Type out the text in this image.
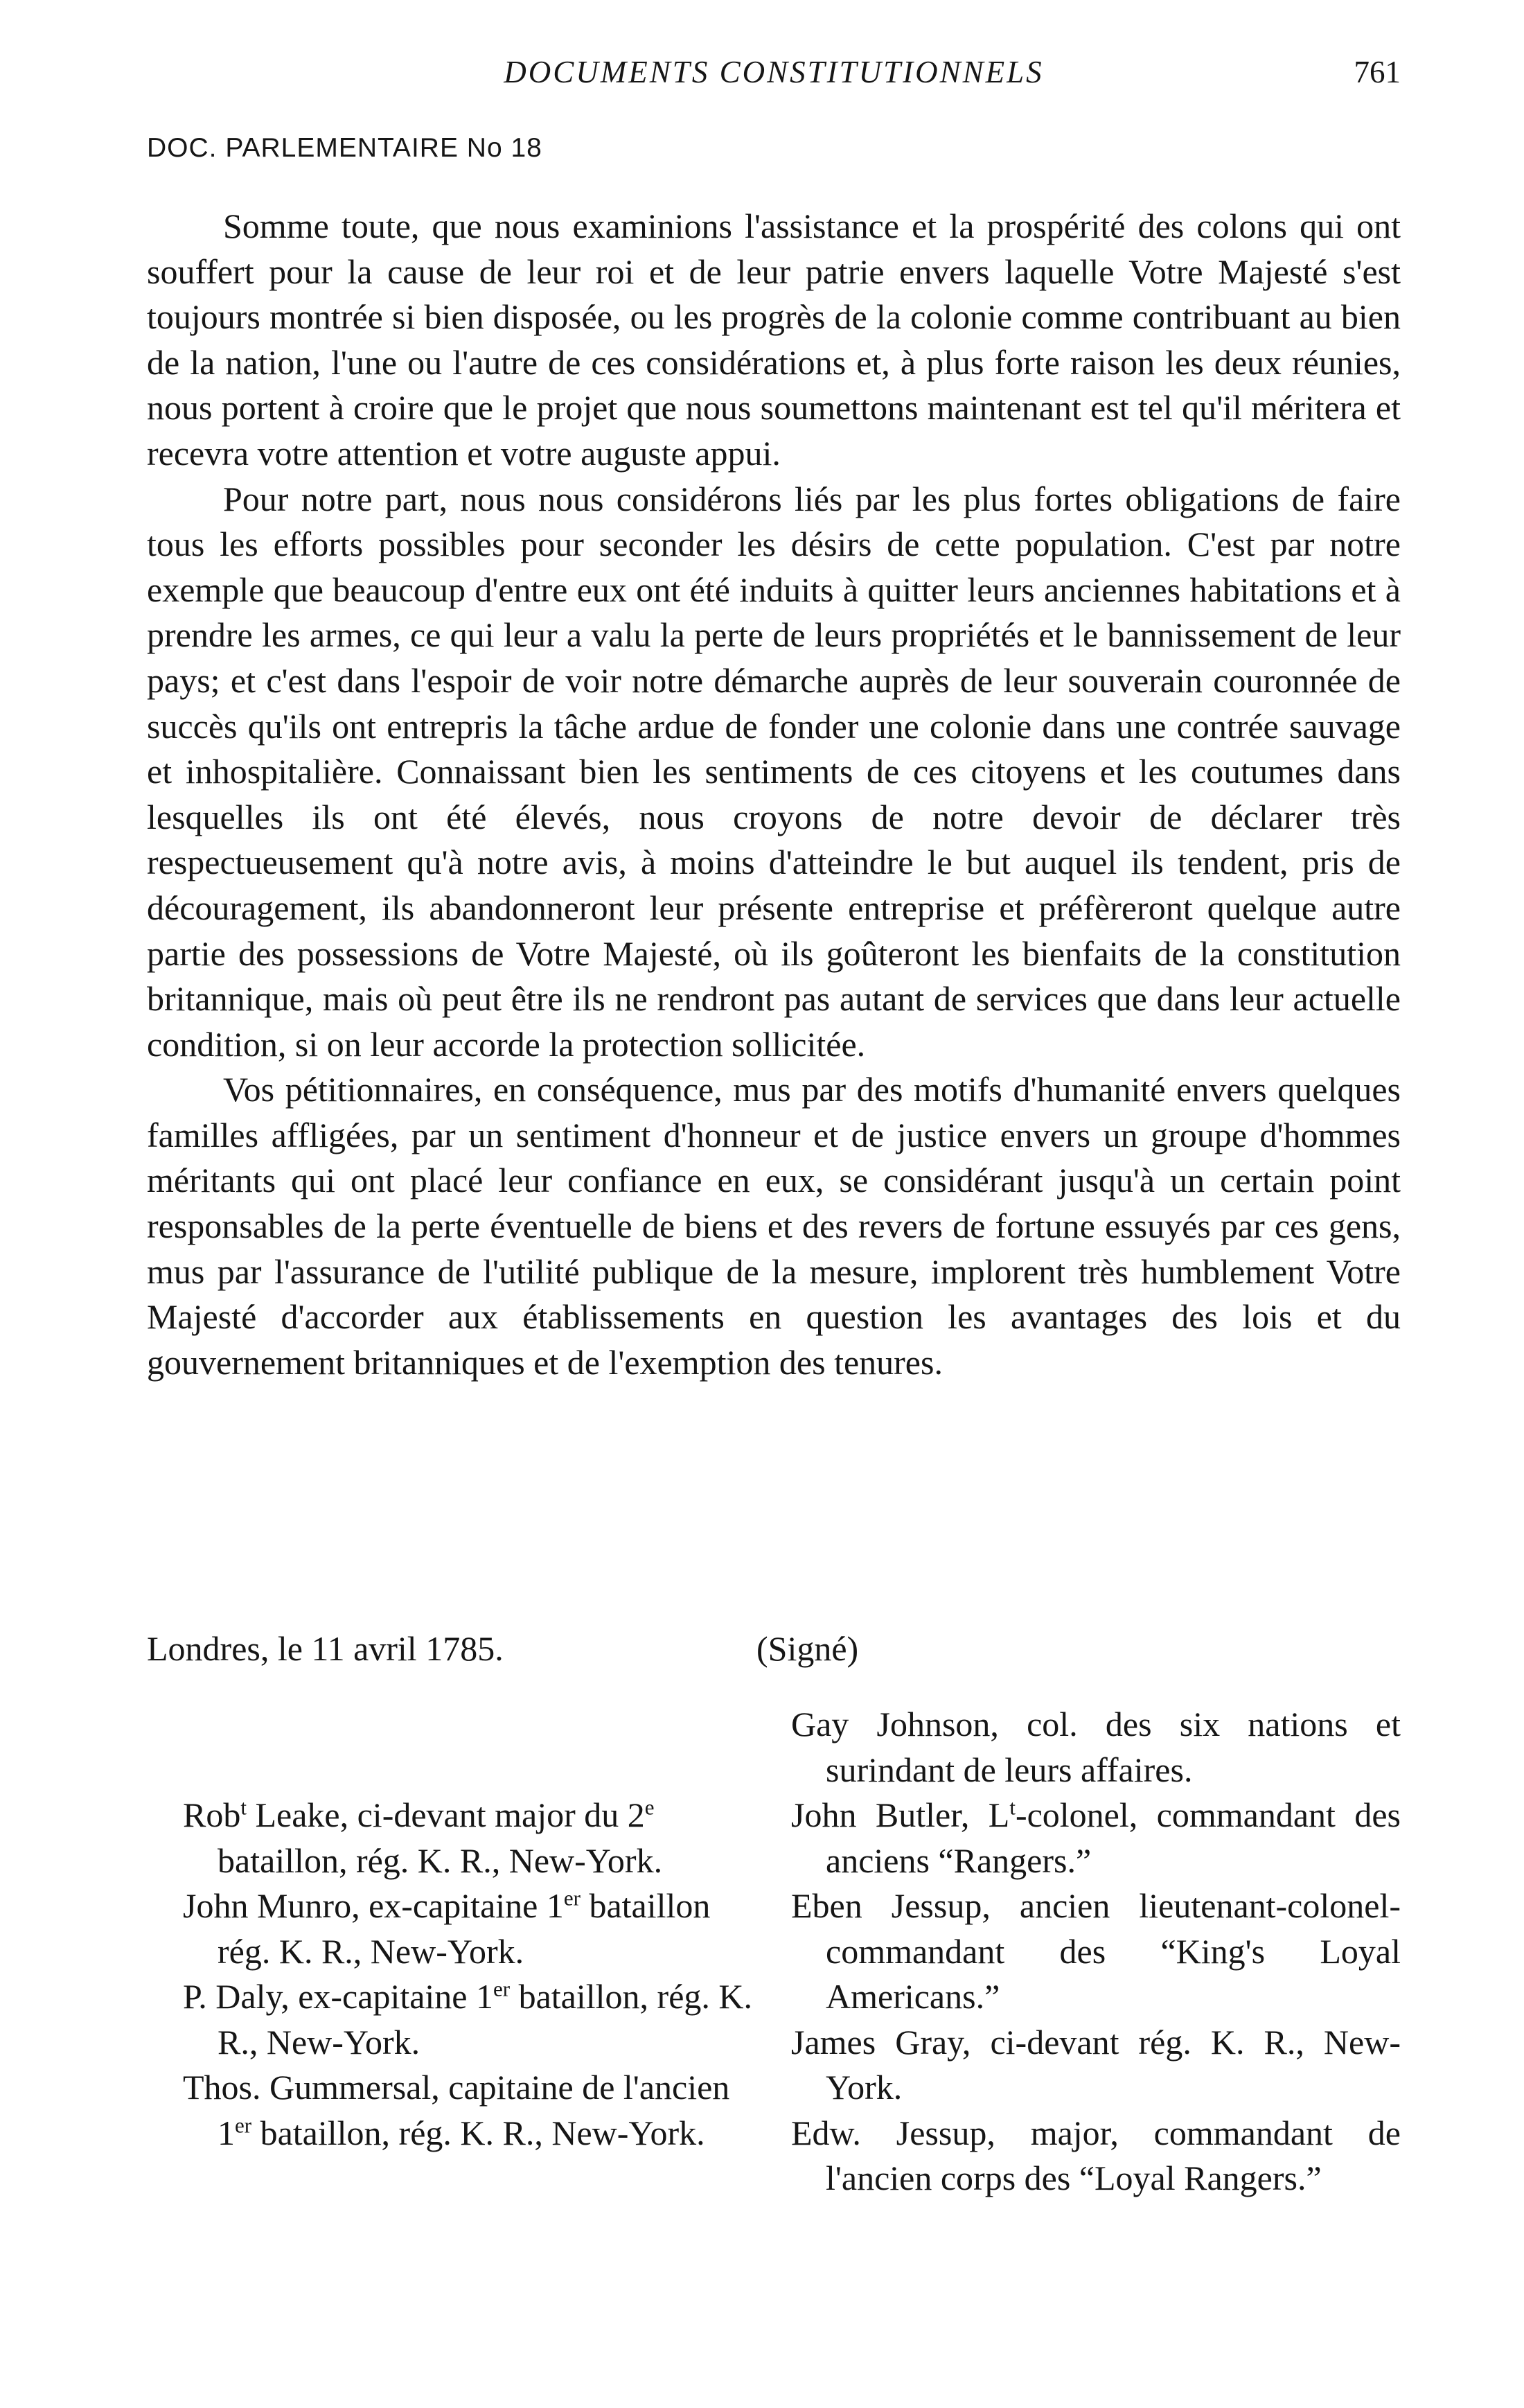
DOCUMENTS CONSTITUTIONNELS	761
DOC. PARLEMENTAIRE No 18

Somme toute, que nous examinions l'assistance et la prospérité des colons qui ont souffert pour la cause de leur roi et de leur patrie envers laquelle Votre Majesté s'est toujours montrée si bien disposée, ou les progrès de la colonie comme contribuant au bien de la nation, l'une ou l'autre de ces considérations et, à plus forte raison les deux réunies, nous portent à croire que le projet que nous soumettons maintenant est tel qu'il méritera et recevra votre attention et votre auguste appui.

Pour notre part, nous nous considérons liés par les plus fortes obligations de faire tous les efforts possibles pour seconder les désirs de cette population. C'est par notre exemple que beaucoup d'entre eux ont été induits à quitter leurs anciennes habitations et à prendre les armes, ce qui leur a valu la perte de leurs propriétés et le bannissement de leur pays; et c'est dans l'espoir de voir notre démarche auprès de leur souverain couronnée de succès qu'ils ont entrepris la tâche ardue de fonder une colonie dans une contrée sauvage et inhospitalière. Connaissant bien les sentiments de ces citoyens et les coutumes dans lesquelles ils ont été élevés, nous croyons de notre devoir de déclarer très respectueusement qu'à notre avis, à moins d'atteindre le but auquel ils tendent, pris de découragement, ils abandonneront leur présente entreprise et préfèreront quelque autre partie des possessions de Votre Majesté, où ils goûteront les bienfaits de la constitution britannique, mais où peut être ils ne rendront pas autant de services que dans leur actuelle condition, si on leur accorde la protection sollicitée.

Vos pétitionnaires, en conséquence, mus par des motifs d'humanité envers quelques familles affligées, par un sentiment d'honneur et de justice envers un groupe d'hommes méritants qui ont placé leur confiance en eux, se considérant jusqu'à un certain point responsables de la perte éventuelle de biens et des revers de fortune essuyés par ces gens, mus par l'assurance de l'utilité publique de la mesure, implorent très humblement Votre Majesté d'accorder aux établissements en question les avantages des lois et du gouvernement britanniques et de l'exemption des tenures.

Londres, le 11 avril 1785.	(Signé)

Rob$^t$ Leake, ci-devant major du 2e bataillon, rég. K. R., New-York.

John Munro, ex-capitaine 1er bataillon rég. K. R., New-York.

P. Daly, ex-capitaine 1er bataillon, rég. K. R., New-York.

Thos. Gummersal, capitaine de l'ancien 1er bataillon, rég. K. R., New-York.

Gay Johnson, col. des six nations et surindant de leurs affaires.

John Butler, $L^t$-colonel, commandant des anciens “Rangers.”

Eben Jessup, ancien lieutenant-colonel-commandant des “King's Loyal Americans.”

James Gray, ci-devant rég. K. R., New-York.

Edw. Jessup, major, commandant de l'ancien corps des “Loyal Rangers.”
